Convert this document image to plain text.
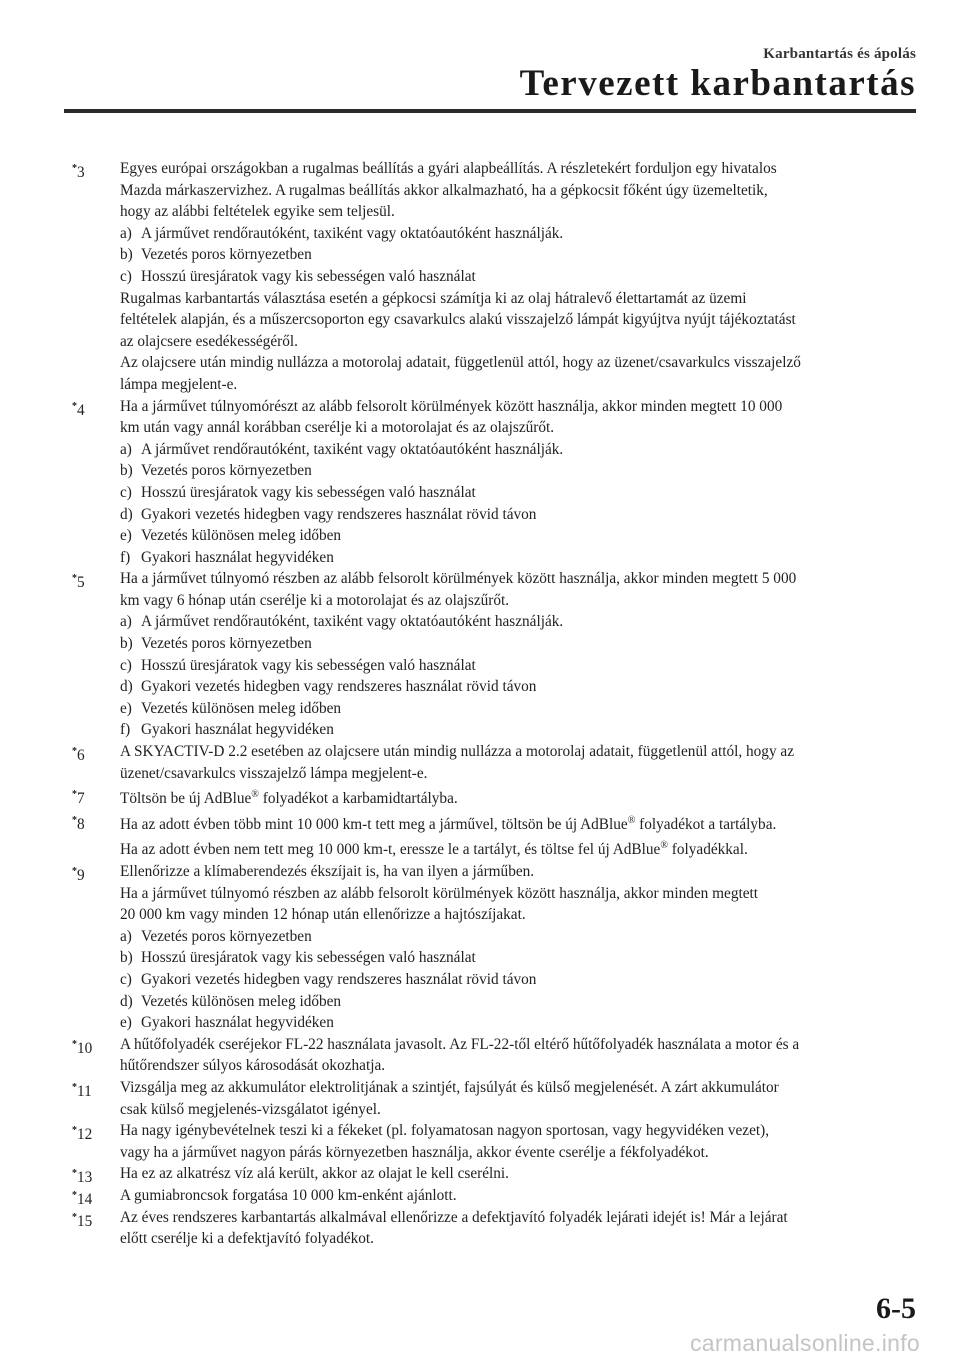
Karbantartás és ápolás
Tervezett karbantartás
*3 Egyes európai országokban a rugalmas beállítás a gyári alapbeállítás. A részletekért forduljon egy hivatalos
Mazda márkaszervizhez. A rugalmas beállítás akkor alkalmazható, ha a gépkocsit főként úgy üzemeltetik,
hogy az alábbi feltételek egyike sem teljesül.
a) A járművet rendőrautóként, taxiként vagy oktatóautóként használják.
b) Vezetés poros környezetben
c) Hosszú üresjáratok vagy kis sebességen való használat
Rugalmas karbantartás választása esetén a gépkocsi számítja ki az olaj hátralevő élettartamát az üzemi
feltételek alapján, és a műszercsoporton egy csavarkulcs alakú visszajelző lámpát kigyújtva nyújt tájékoztatást
az olajcsere esedékességéről.
Az olajcsere után mindig nullázza a motorolaj adatait, függetlenül attól, hogy az üzenet/csavarkulcs visszajelző
lámpa megjelent-e.
*4 Ha a járművet túlnyomórészt az alább felsorolt körülmények között használja, akkor minden megtett 10 000
km után vagy annál korábban cserélje ki a motorolajat és az olajszűrőt.
a) A járművet rendőrautóként, taxiként vagy oktatóautóként használják.
b) Vezetés poros környezetben
c) Hosszú üresjáratok vagy kis sebességen való használat
d) Gyakori vezetés hidegben vagy rendszeres használat rövid távon
e) Vezetés különösen meleg időben
f) Gyakori használat hegyvidéken
*5 Ha a járművet túlnyomó részben az alább felsorolt körülmények között használja, akkor minden megtett 5 000
km vagy 6 hónap után cserélje ki a motorolajat és az olajszűrőt.
a) A járművet rendőrautóként, taxiként vagy oktatóautóként használják.
b) Vezetés poros környezetben
c) Hosszú üresjáratok vagy kis sebességen való használat
d) Gyakori vezetés hidegben vagy rendszeres használat rövid távon
e) Vezetés különösen meleg időben
f) Gyakori használat hegyvidéken
*6 A SKYACTIV-D 2.2 esetében az olajcsere után mindig nullázza a motorolaj adatait, függetlenül attól, hogy az
üzenet/csavarkulcs visszajelző lámpa megjelent-e.
*7 Töltsön be új AdBlue® folyadékot a karbamidtartályba.
*8 Ha az adott évben több mint 10 000 km-t tett meg a járművel, töltsön be új AdBlue® folyadékot a tartályba.
Ha az adott évben nem tett meg 10 000 km-t, eressze le a tartályt, és töltse fel új AdBlue® folyadékkal.
*9 Ellenőrizze a klímaberendezés ékszíjait is, ha van ilyen a járműben.
Ha a járművet túlnyomó részben az alább felsorolt körülmények között használja, akkor minden megtett
20 000 km vagy minden 12 hónap után ellenőrizze a hajtószíjakat.
a) Vezetés poros környezetben
b) Hosszú üresjáratok vagy kis sebességen való használat
c) Gyakori vezetés hidegben vagy rendszeres használat rövid távon
d) Vezetés különösen meleg időben
e) Gyakori használat hegyvidéken
*10 A hűtőfolyadék cseréjekor FL-22 használata javasolt. Az FL-22-től eltérő hűtőfolyadék használata a motor és a
hűtőrendszer súlyos károsodását okozhatja.
*11 Vizsgálja meg az akkumulátor elektrolitjának a szintjét, fajsúlyát és külső megjelenését. A zárt akkumulátor
csak külső megjelenés-vizsgálatot igényel.
*12 Ha nagy igénybevételnek teszi ki a fékeket (pl. folyamatosan nagyon sportosan, vagy hegyvidéken vezet),
vagy ha a járművet nagyon párás környezetben használja, akkor évente cserélje a fékfolyadékot.
*13 Ha ez az alkatrész víz alá került, akkor az olajat le kell cserélni.
*14 A gumiabroncsok forgatása 10 000 km-enként ajánlott.
*15 Az éves rendszeres karbantartás alkalmával ellenőrizze a defektjavító folyadék lejárati idejét is! Már a lejárat
előtt cserélje ki a defektjavító folyadékot.
6-5
carmanualsonline.info
